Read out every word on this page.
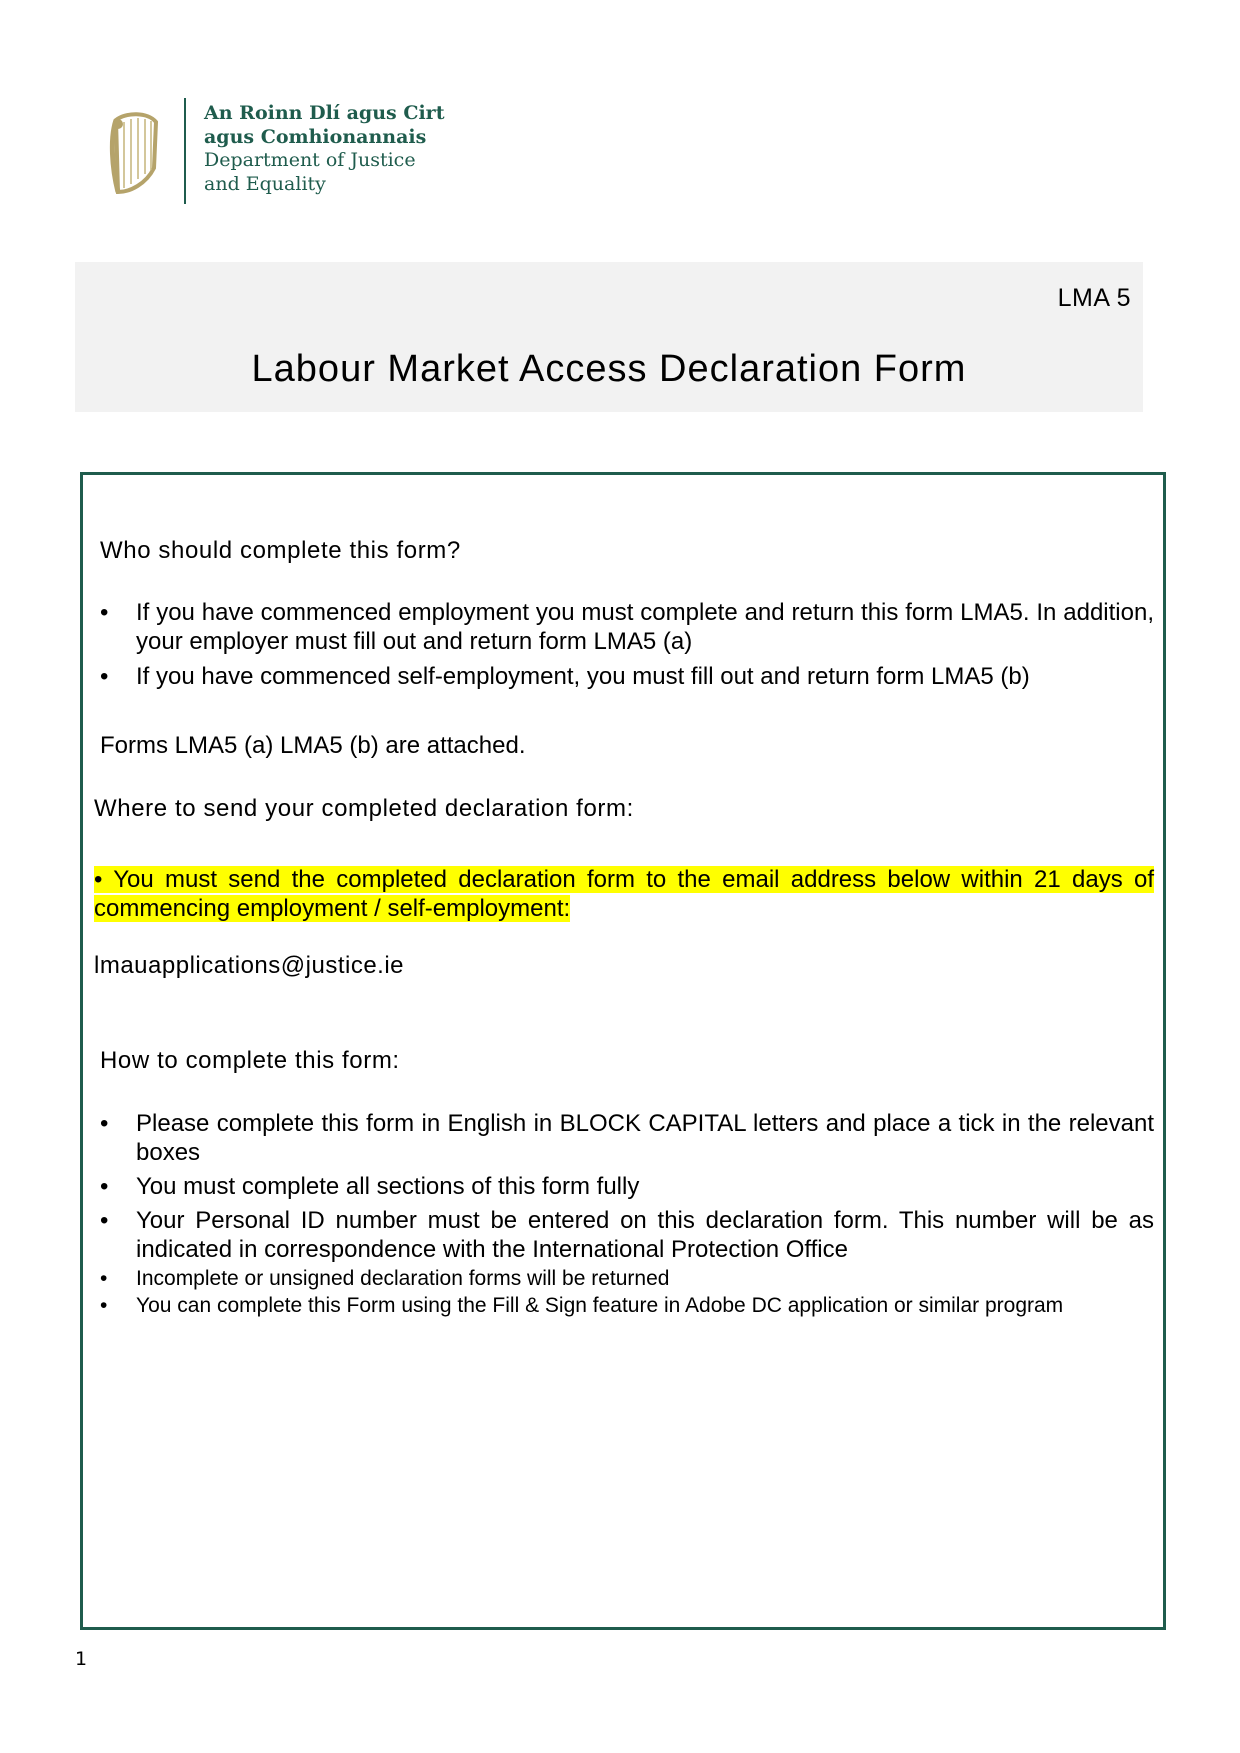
An Roinn Dlí agus Cirt
agus Comhionannais
Department of Justice
and Equality
LMA 5
Labour Market Access Declaration Form
Who should complete this form?
• If you have commenced employment you must complete and return this form LMA5. In addition, your employer must fill out and return form LMA5 (a)
• If you have commenced self-employment, you must fill out and return form LMA5 (b)
Forms LMA5 (a) LMA5 (b) are attached.
Where to send your completed declaration form:
• You must send the completed declaration form to the email address below within 21 days of commencing employment / self-employment:
lmauapplications@justice.ie
How to complete this form:
• Please complete this form in English in BLOCK CAPITAL letters and place a tick in the relevant boxes
• You must complete all sections of this form fully
• Your Personal ID number must be entered on this declaration form. This number will be as indicated in correspondence with the International Protection Office
• Incomplete or unsigned declaration forms will be returned
• You can complete this Form using the Fill & Sign feature in Adobe DC application or similar program
1
